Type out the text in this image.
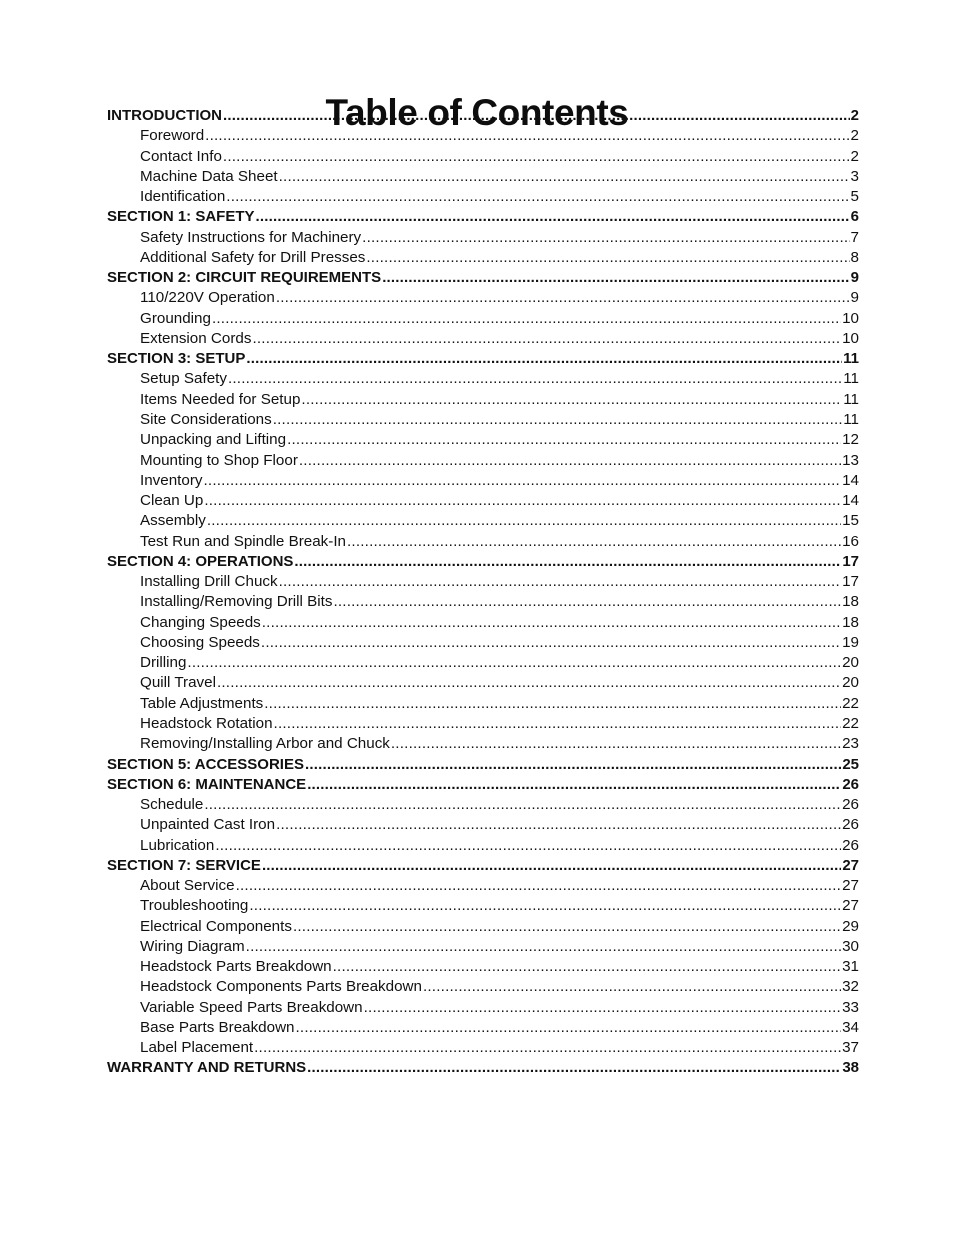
Table of Contents
INTRODUCTION .....	2
Foreword .....	2
Contact Info .....	2
Machine Data Sheet .....	3
Identification .....	5
SECTION 1: SAFETY .....	6
Safety Instructions for Machinery .....	7
Additional Safety for Drill Presses .....	8
SECTION 2: CIRCUIT REQUIREMENTS .....	9
110/220V Operation .....	9
Grounding .....	10
Extension Cords .....	10
SECTION 3: SETUP .....	11
Setup Safety .....	11
Items Needed for Setup .....	11
Site Considerations .....	11
Unpacking and Lifting .....	12
Mounting to Shop Floor .....	13
Inventory .....	14
Clean Up .....	14
Assembly .....	15
Test Run and Spindle Break-In .....	16
SECTION 4: OPERATIONS .....	17
Installing Drill Chuck .....	17
Installing/Removing Drill Bits .....	18
Changing Speeds .....	18
Choosing Speeds .....	19
Drilling .....	20
Quill Travel .....	20
Table Adjustments .....	22
Headstock Rotation .....	22
Removing/Installing Arbor and Chuck .....	23
SECTION 5: ACCESSORIES .....	25
SECTION 6: MAINTENANCE .....	26
Schedule .....	26
Unpainted Cast Iron .....	26
Lubrication .....	26
SECTION 7: SERVICE .....	27
About Service .....	27
Troubleshooting .....	27
Electrical Components .....	29
Wiring Diagram .....	30
Headstock Parts Breakdown .....	31
Headstock Components Parts Breakdown .....	32
Variable Speed Parts Breakdown .....	33
Base Parts Breakdown .....	34
Label Placement .....	37
WARRANTY AND RETURNS .....	38
